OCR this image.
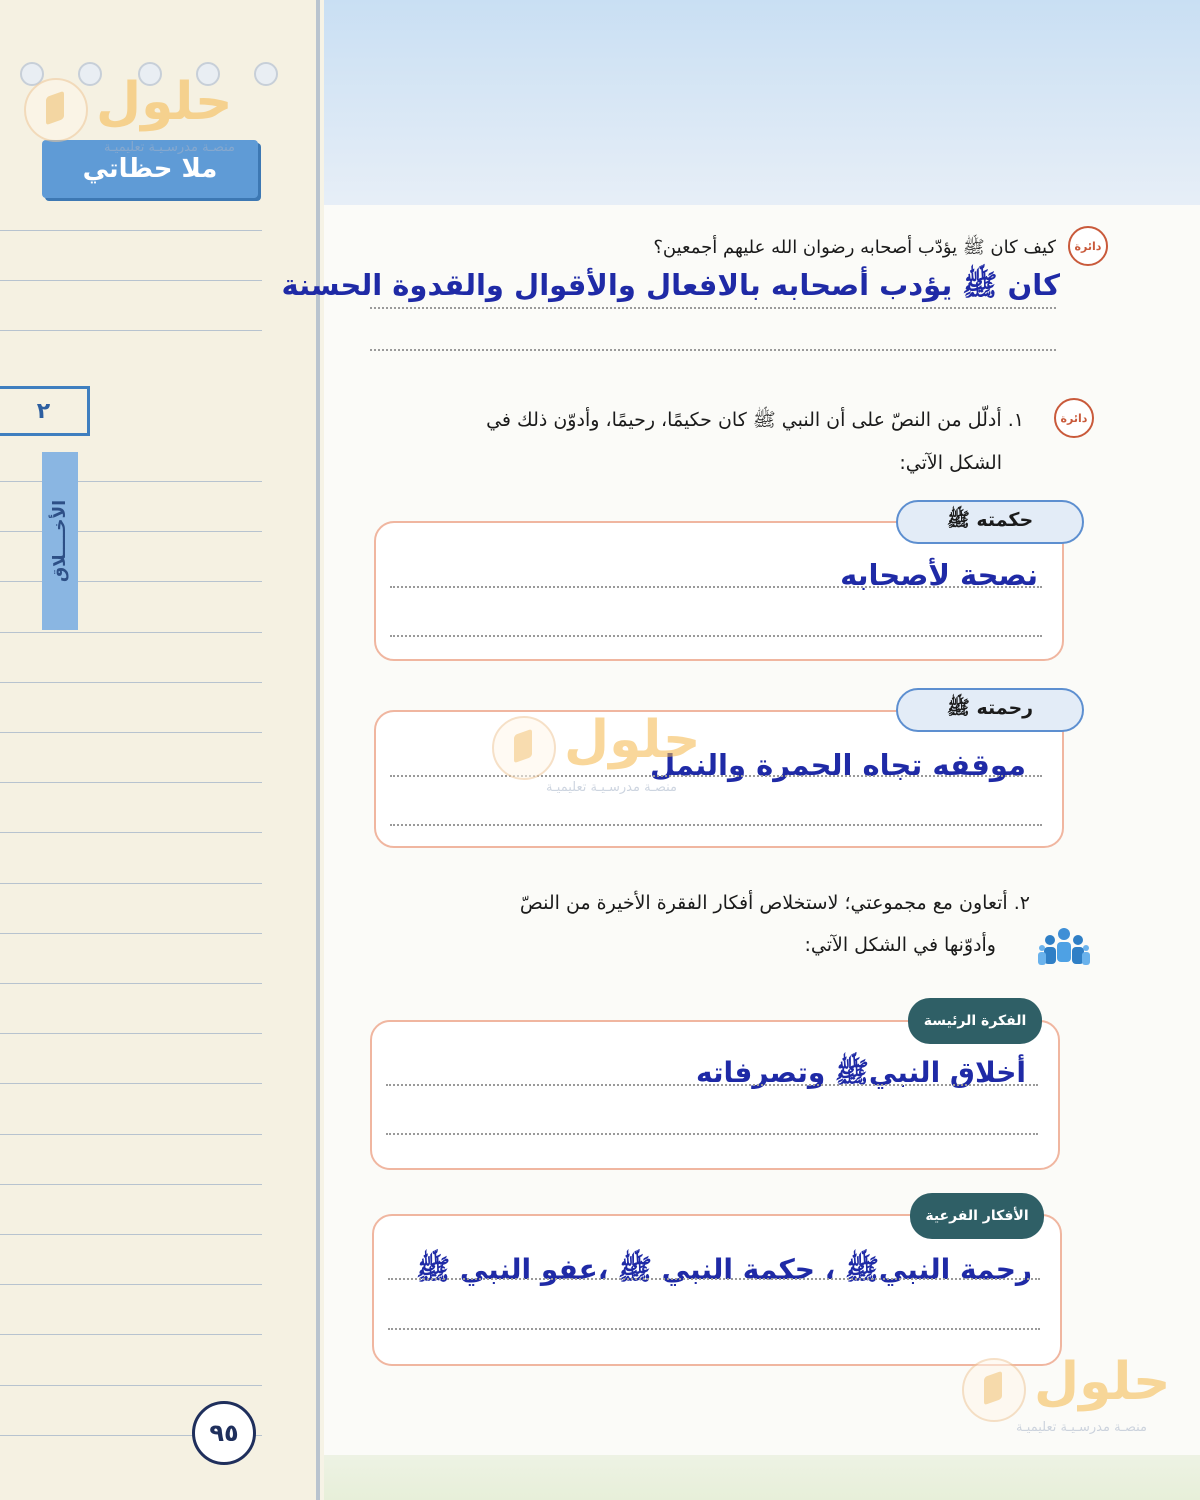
ملا حظاتي
٢
الأخــــلاق
٩٥
حلول
منصـة مدرسـيـة تعليميـة
دائرة
كيف كان ﷺ يؤدّب أصحابه رضوان الله عليهم أجمعين؟
كان ﷺ يؤدب أصحابه بالافعال والأقوال والقدوة الحسنة
دائرة
١. أدلّل من النصّ على أن النبي ﷺ كان حكيمًا، رحيمًا، وأدوّن ذلك في
الشكل الآتي:
حكمته ﷺ
نصحة لأصحابه
رحمته ﷺ
موقفه تجاه الحمرة والنمل
حلول
منصـة مدرسـيـة تعليميـة
٢. أتعاون مع مجموعتي؛ لاستخلاص أفكار الفقرة الأخيرة من النصّ
وأدوّنها في الشكل الآتي:
الفكرة الرئيسة
أخلاق النبيﷺ وتصرفاته
الأفكار الفرعية
رحمة النبيﷺ ، حكمة النبي ﷺ ،عفو النبي ﷺ
حلول
منصـة مدرسـيـة تعليميـة
